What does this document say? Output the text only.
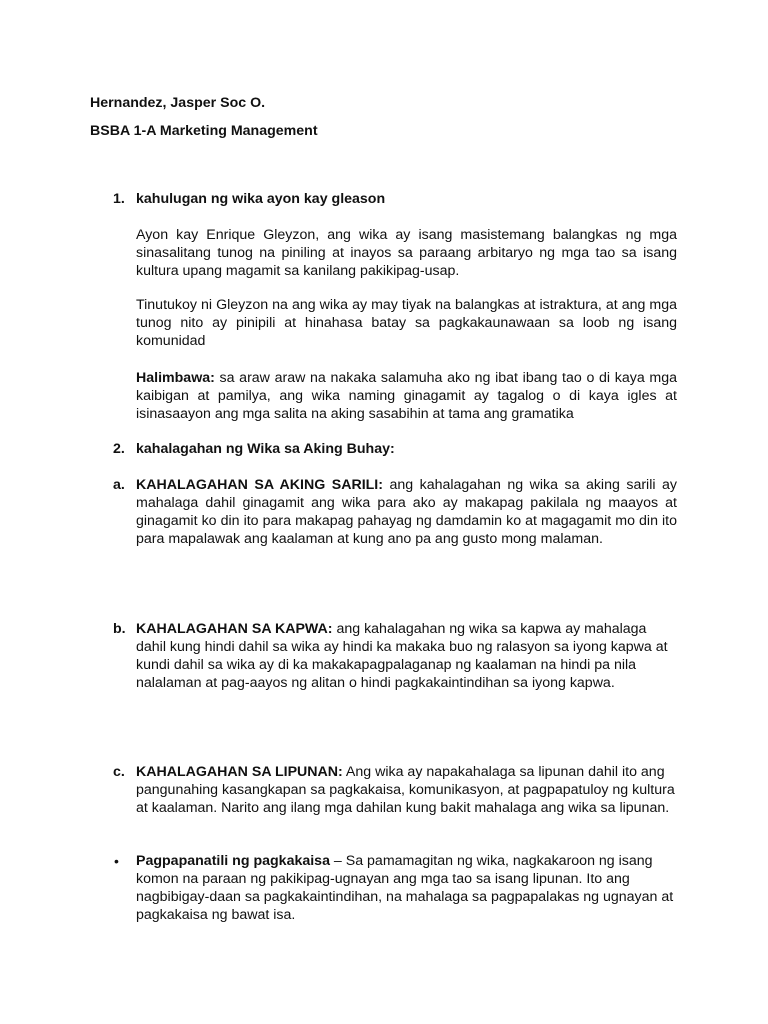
Hernandez, Jasper Soc O.
BSBA 1-A Marketing Management
1. kahulugan ng wika ayon kay gleason

Ayon kay Enrique Gleyzon, ang wika ay isang masistemang balangkas ng mga sinasalitang tunog na piniling at inayos sa paraang arbitaryo ng mga tao sa isang kultura upang magamit sa kanilang pakikipag-usap.

Tinutukoy ni Gleyzon na ang wika ay may tiyak na balangkas at istraktura, at ang mga tunog nito ay pinipili at hinahasa batay sa pagkakaunawaan sa loob ng isang komunidad

Halimbawa: sa araw araw na nakaka salamuha ako ng ibat ibang tao o di kaya mga kaibigan at pamilya, ang wika naming ginagamit ay tagalog o di kaya igles at isinasaayon ang mga salita na aking sasabihin at tama ang gramatika

2. kahalagahan ng Wika sa Aking Buhay:
a. KAHALAGAHAN SA AKING SARILI: ang kahalagahan ng wika sa aking sarili ay mahalaga dahil ginagamit ang wika para ako ay makapag pakilala ng maayos at ginagamit ko din ito para makapag pahayag ng damdamin ko at magagamit mo din ito para mapalawak ang kaalaman at kung ano pa ang gusto mong malaman.

b. KAHALAGAHAN SA KAPWA: ang kahalagahan ng wika sa kapwa ay mahalaga dahil kung hindi dahil sa wika ay hindi ka makaka buo ng ralasyon sa iyong kapwa at kundi dahil sa wika ay di ka makakapagpalaganap ng kaalaman na hindi pa nila nalalaman at pag-aayos ng alitan o hindi pagkakaintindihan sa iyong kapwa.

c. KAHALAGAHAN SA LIPUNAN: Ang wika ay napakahalaga sa lipunan dahil ito ang pangunahing kasangkapan sa pagkakaisa, komunikasyon, at pagpapatuloy ng kultura at kaalaman. Narito ang ilang mga dahilan kung bakit mahalaga ang wika sa lipunan.

• Pagpapanatili ng pagkakaisa – Sa pamamagitan ng wika, nagkakaroon ng isang komon na paraan ng pakikipag-ugnayan ang mga tao sa isang lipunan. Ito ang nagbibigay-daan sa pagkakaintindihan, na mahalaga sa pagpapalakas ng ugnayan at pagkakaisa ng bawat isa.
